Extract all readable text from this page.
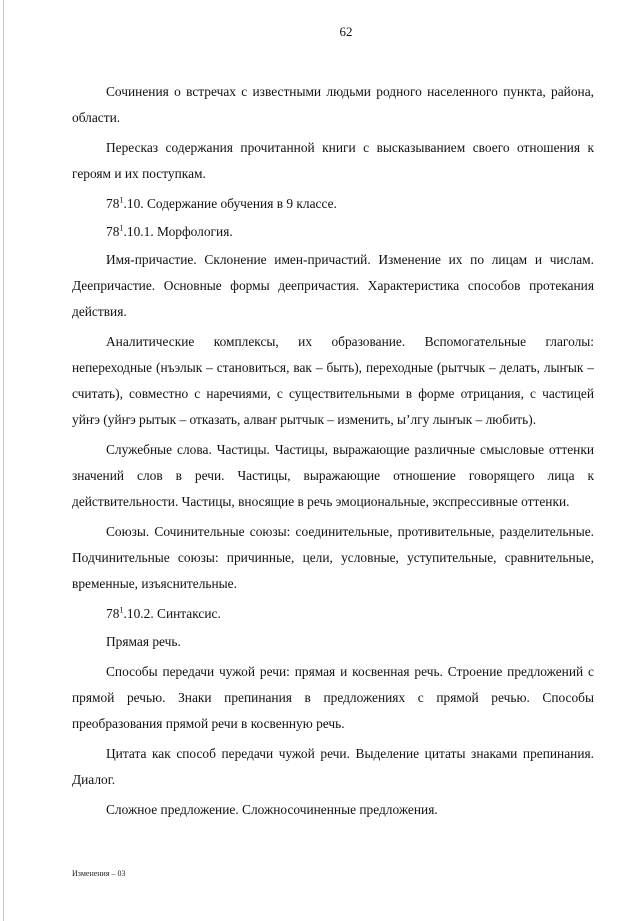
62

Сочинения о встречах с известными людьми родного населенного пункта, района, области.

Пересказ содержания прочитанной книги с высказыванием своего отношения к героям и их поступкам.

$78^1.10$. Содержание обучения в 9 классе.

$78^1.10.1$. Морфология.

Имя-причастие. Склонение имен-причастий. Изменение их по лицам и числам. Деепричастие. Основные формы деепричастия. Характеристика способов протекания действия.

Аналитические комплексы, их образование. Вспомогательные глаголы: непереходные (нъэлык – становиться, вак – быть), переходные (рытчык – делать, лыҥык – считать), совместно с наречиями, с существительными в форме отрицания, с частицей уйҥэ (уйҥэ рытык – отказать, алваҥ рытчык – изменить, ыʼлгу лыҥык – любить).

Служебные слова. Частицы. Частицы, выражающие различные смысловые оттенки значений слов в речи. Частицы, выражающие отношение говорящего лица к действительности. Частицы, вносящие в речь эмоциональные, экспрессивные оттенки.

Союзы. Сочинительные союзы: соединительные, противительные, разделительные. Подчинительные союзы: причинные, цели, условные, уступительные, сравнительные, временные, изъяснительные.

$78^1.10.2$. Синтаксис.

Прямая речь.

Способы передачи чужой речи: прямая и косвенная речь. Строение предложений с прямой речью. Знаки препинания в предложениях с прямой речью. Способы преобразования прямой речи в косвенную речь.

Цитата как способ передачи чужой речи. Выделение цитаты знаками препинания. Диалог.

Сложное предложение. Сложносочиненные предложения.

Изменения – 03
